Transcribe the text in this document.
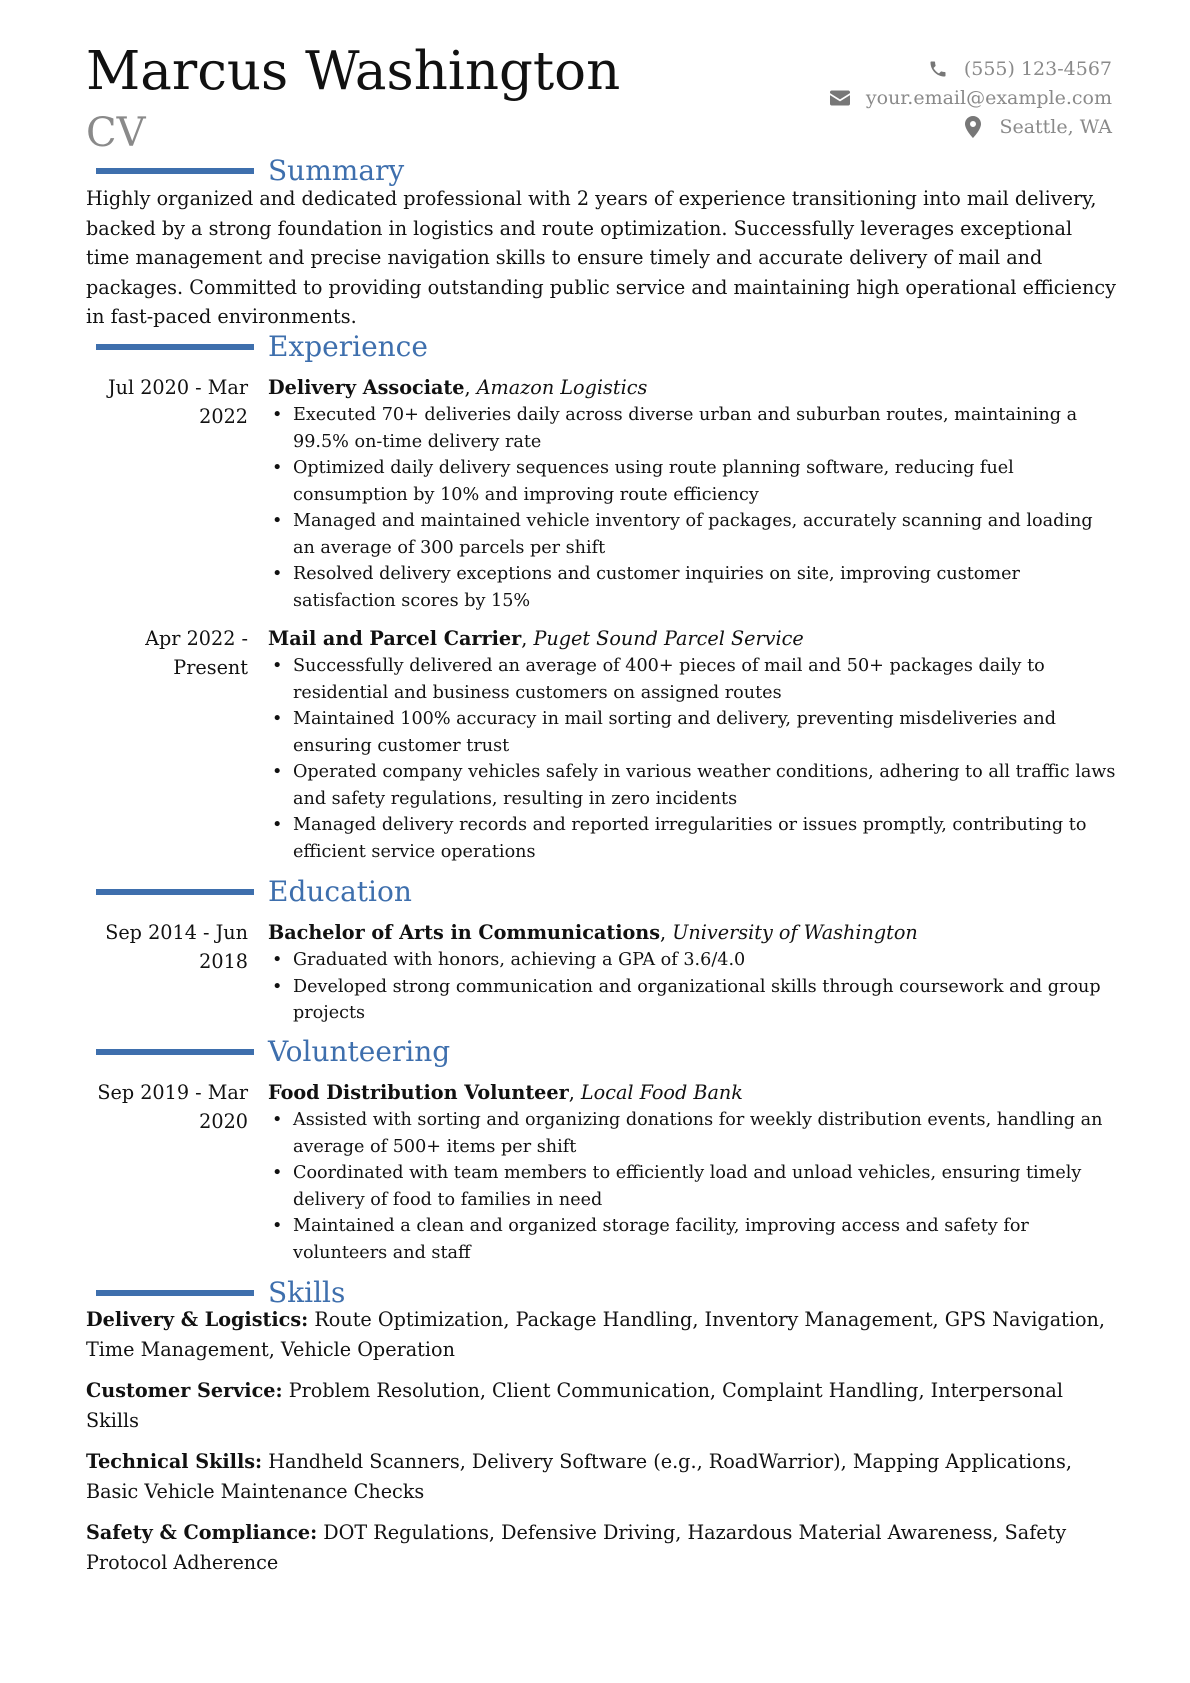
Marcus Washington
CV
(555) 123-4567
your.email@example.com
Seattle, WA
Summary
Highly organized and dedicated professional with 2 years of experience transitioning into mail delivery, backed by a strong foundation in logistics and route optimization. Successfully leverages exceptional time management and precise navigation skills to ensure timely and accurate delivery of mail and packages. Committed to providing outstanding public service and maintaining high operational efficiency in fast-paced environments.
Experience
Jul 2020 - Mar 2022
Delivery Associate, Amazon Logistics
• Executed 70+ deliveries daily across diverse urban and suburban routes, maintaining a 99.5% on-time delivery rate
• Optimized daily delivery sequences using route planning software, reducing fuel consumption by 10% and improving route efficiency
• Managed and maintained vehicle inventory of packages, accurately scanning and loading an average of 300 parcels per shift
• Resolved delivery exceptions and customer inquiries on site, improving customer satisfaction scores by 15%
Apr 2022 - Present
Mail and Parcel Carrier, Puget Sound Parcel Service
• Successfully delivered an average of 400+ pieces of mail and 50+ packages daily to residential and business customers on assigned routes
• Maintained 100% accuracy in mail sorting and delivery, preventing misdeliveries and ensuring customer trust
• Operated company vehicles safely in various weather conditions, adhering to all traffic laws and safety regulations, resulting in zero incidents
• Managed delivery records and reported irregularities or issues promptly, contributing to efficient service operations
Education
Sep 2014 - Jun 2018
Bachelor of Arts in Communications, University of Washington
• Graduated with honors, achieving a GPA of 3.6/4.0
• Developed strong communication and organizational skills through coursework and group projects
Volunteering
Sep 2019 - Mar 2020
Food Distribution Volunteer, Local Food Bank
• Assisted with sorting and organizing donations for weekly distribution events, handling an average of 500+ items per shift
• Coordinated with team members to efficiently load and unload vehicles, ensuring timely delivery of food to families in need
• Maintained a clean and organized storage facility, improving access and safety for volunteers and staff
Skills
Delivery & Logistics: Route Optimization, Package Handling, Inventory Management, GPS Navigation, Time Management, Vehicle Operation
Customer Service: Problem Resolution, Client Communication, Complaint Handling, Interpersonal Skills
Technical Skills: Handheld Scanners, Delivery Software (e.g., RoadWarrior), Mapping Applications, Basic Vehicle Maintenance Checks
Safety & Compliance: DOT Regulations, Defensive Driving, Hazardous Material Awareness, Safety Protocol Adherence
